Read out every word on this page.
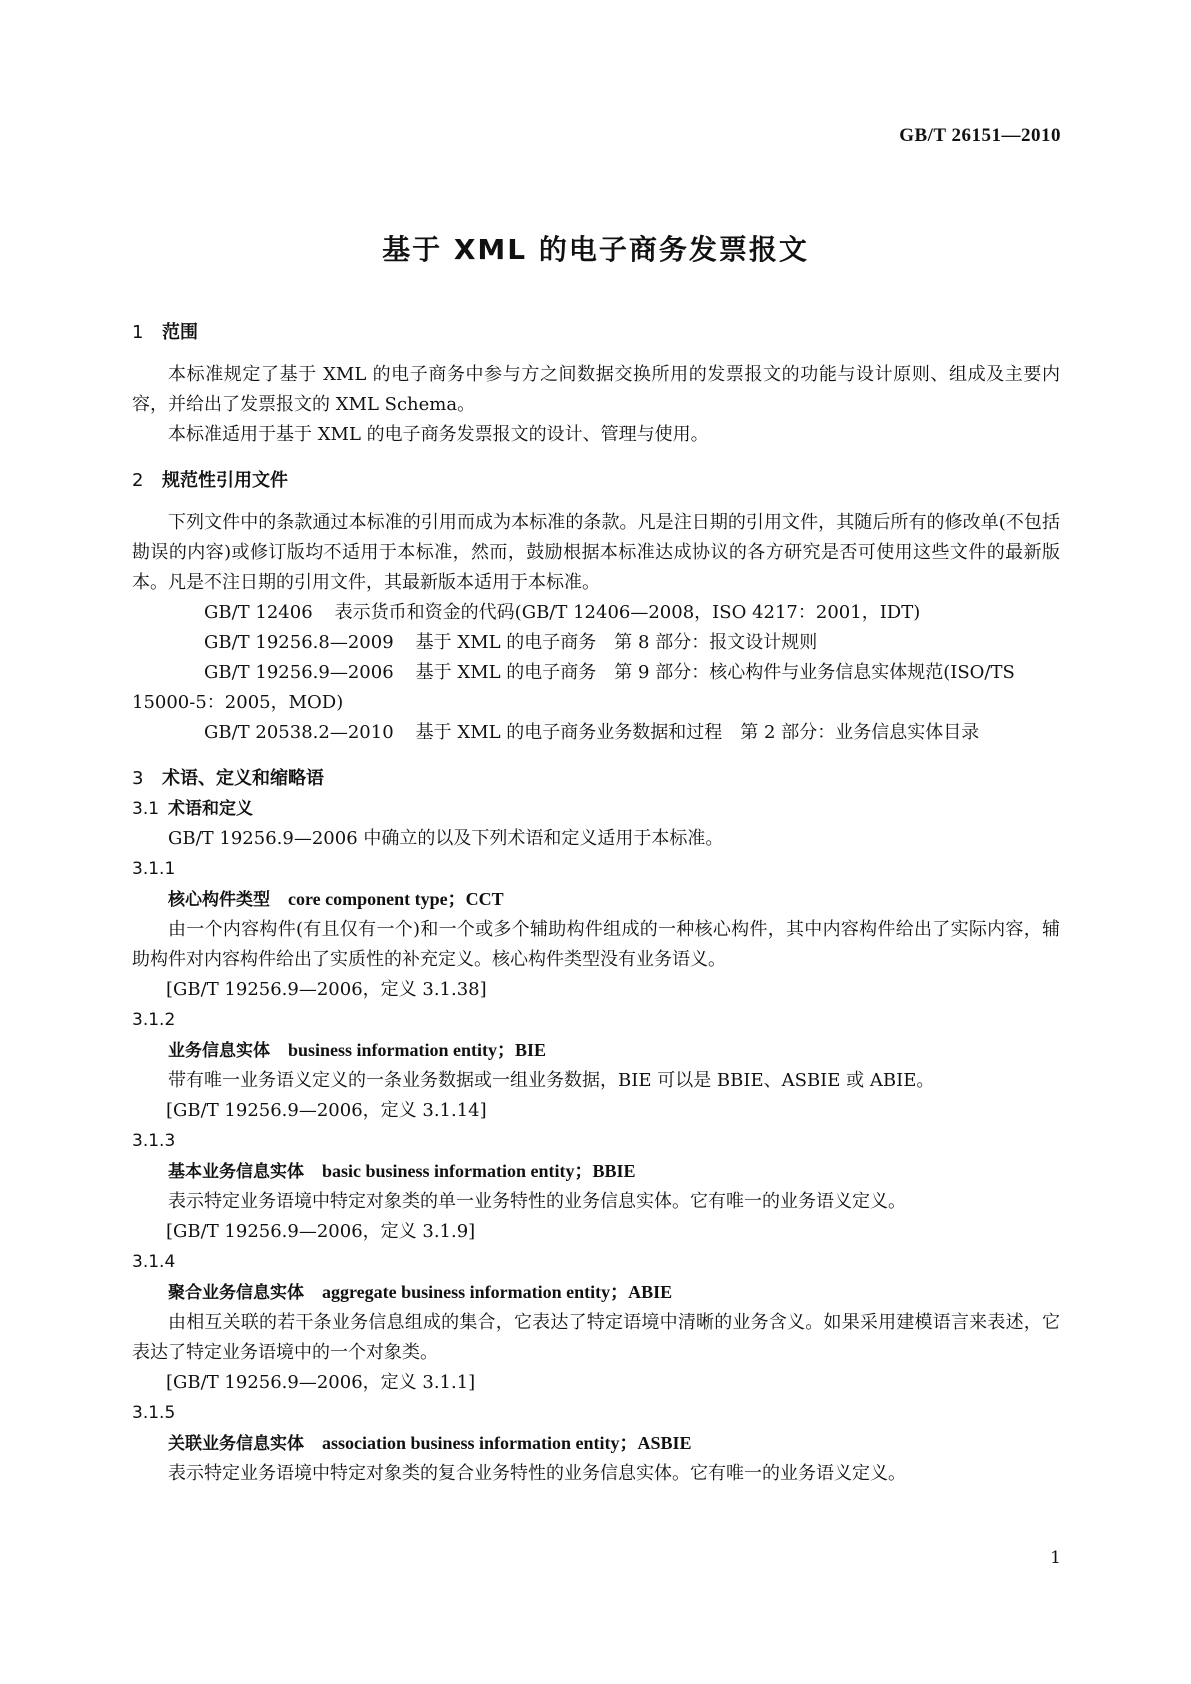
GB/T 26151—2010
基于 XML 的电子商务发票报文

1 范围

本标准规定了基于 XML 的电子商务中参与方之间数据交换所用的发票报文的功能与设计原则、组成及主要内容，并给出了发票报文的 XML Schema。

本标准适用于基于 XML 的电子商务发票报文的设计、管理与使用。

2 规范性引用文件

下列文件中的条款通过本标准的引用而成为本标准的条款。凡是注日期的引用文件，其随后所有的修改单(不包括勘误的内容)或修订版均不适用于本标准，然而，鼓励根据本标准达成协议的各方研究是否可使用这些文件的最新版本。凡是不注日期的引用文件，其最新版本适用于本标准。

GB/T 12406 表示货币和资金的代码(GB/T 12406—2008，ISO 4217：2001，IDT)

GB/T 19256.8—2009 基于 XML 的电子商务　第 8 部分：报文设计规则

GB/T 19256.9—2006 基于 XML 的电子商务　第 9 部分：核心构件与业务信息实体规范(ISO/TS 15000-5：2005，MOD)

GB/T 20538.2—2010 基于 XML 的电子商务业务数据和过程　第 2 部分：业务信息实体目录

3 术语、定义和缩略语

3.1 术语和定义

GB/T 19256.9—2006 中确立的以及下列术语和定义适用于本标准。

3.1.1

核心构件类型 core component type；CCT

由一个内容构件(有且仅有一个)和一个或多个辅助构件组成的一种核心构件，其中内容构件给出了实际内容，辅助构件对内容构件给出了实质性的补充定义。核心构件类型没有业务语义。

[GB/T 19256.9—2006，定义 3.1.38]

3.1.2

业务信息实体 business information entity；BIE

带有唯一业务语义定义的一条业务数据或一组业务数据，BIE 可以是 BBIE、ASBIE 或 ABIE。

[GB/T 19256.9—2006，定义 3.1.14]

3.1.3

基本业务信息实体 basic business information entity；BBIE

表示特定业务语境中特定对象类的单一业务特性的业务信息实体。它有唯一的业务语义定义。

[GB/T 19256.9—2006，定义 3.1.9]

3.1.4

聚合业务信息实体 aggregate business information entity；ABIE

由相互关联的若干条业务信息组成的集合，它表达了特定语境中清晰的业务含义。如果采用建模语言来表述，它表达了特定业务语境中的一个对象类。

[GB/T 19256.9—2006，定义 3.1.1]

3.1.5

关联业务信息实体 association business information entity；ASBIE

表示特定业务语境中特定对象类的复合业务特性的业务信息实体。它有唯一的业务语义定义。

1
